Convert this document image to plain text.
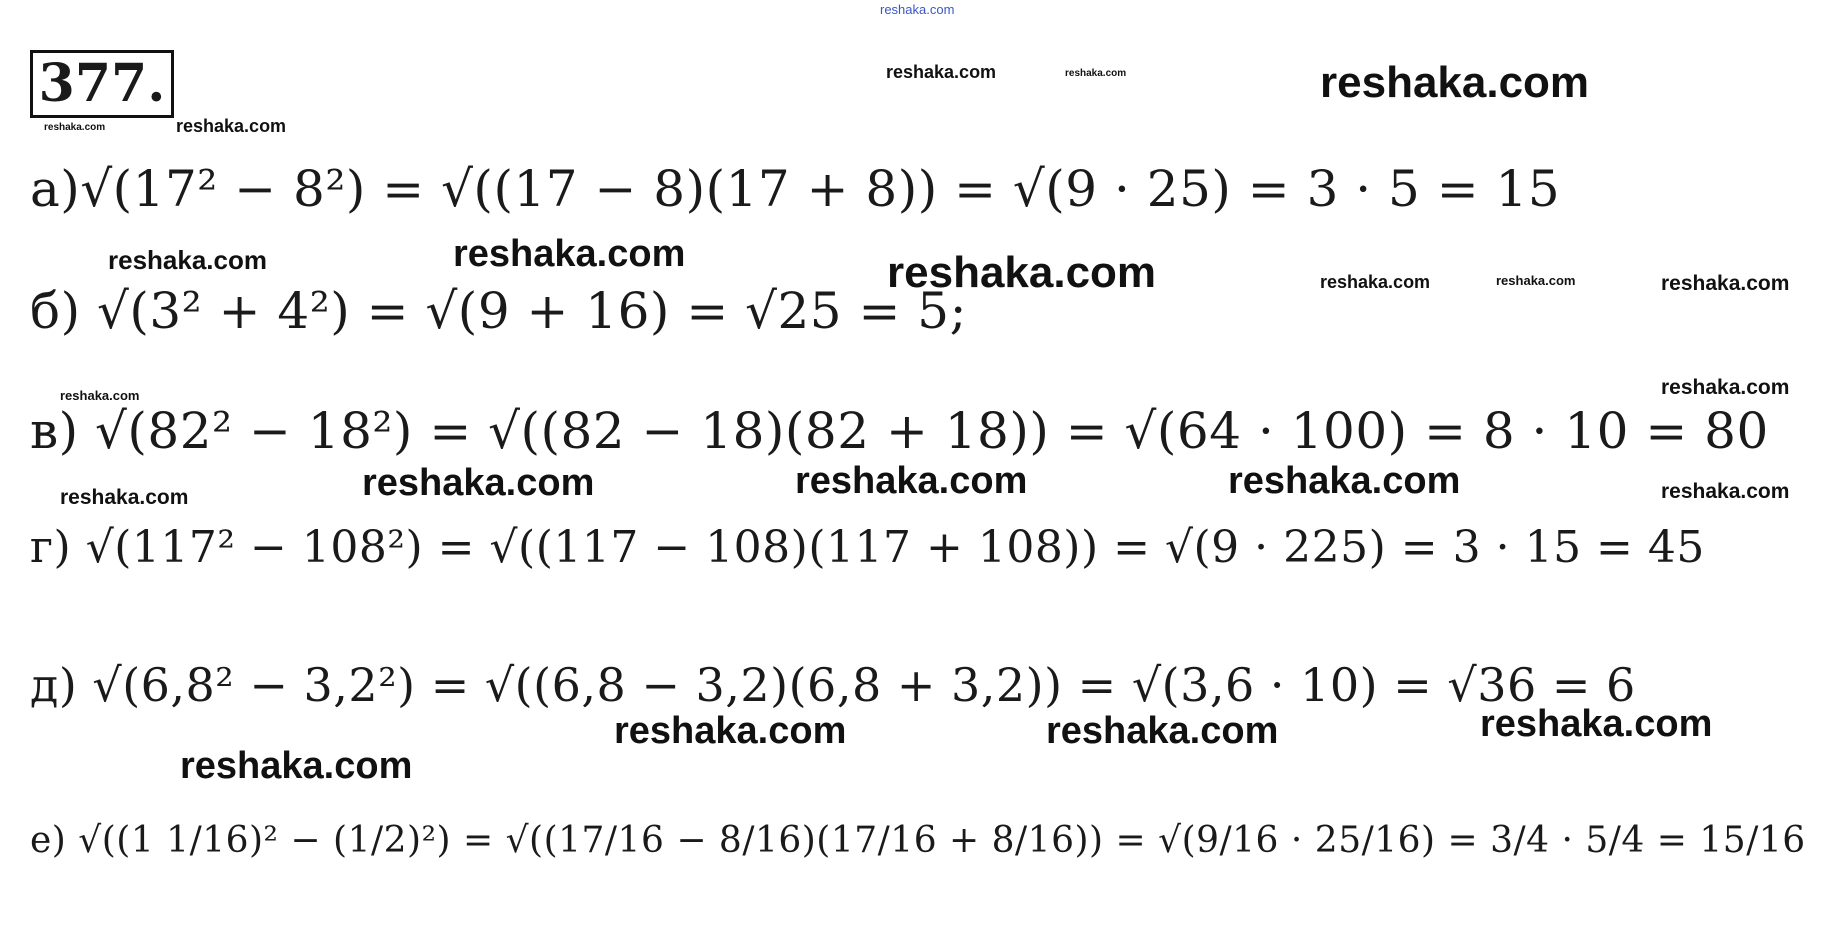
reshaka.com
377.
reshaka.com	reshaka.com
reshaka.com	reshaka.com	reshaka.com
а)√(17² − 8²) = √((17 − 8)(17 + 8)) = √(9 · 25) = 3 · 5 = 15
reshaka.com	reshaka.com	reshaka.com	reshaka.com	reshaka.com	reshaka.com
б) √(3² + 4²) = √(9 + 16) = √25 = 5;
reshaka.com	reshaka.com
в) √(82² − 18²) = √((82 − 18)(82 + 18)) = √(64 · 100) = 8 · 10 = 80
reshaka.com	reshaka.com	reshaka.com	reshaka.com	reshaka.com
г) √(117² − 108²) = √((117 − 108)(117 + 108)) = √(9 · 225) = 3 · 15 = 45
д) √(6,8² − 3,2²) = √((6,8 − 3,2)(6,8 + 3,2)) = √(3,6 · 10) = √36 = 6
reshaka.com	reshaka.com	reshaka.com
reshaka.com
е) √((1 1/16)² − (1/2)²) = √((17/16 − 8/16)(17/16 + 8/16)) = √(9/16 · 25/16) = 3/4 · 5/4 = 15/16
